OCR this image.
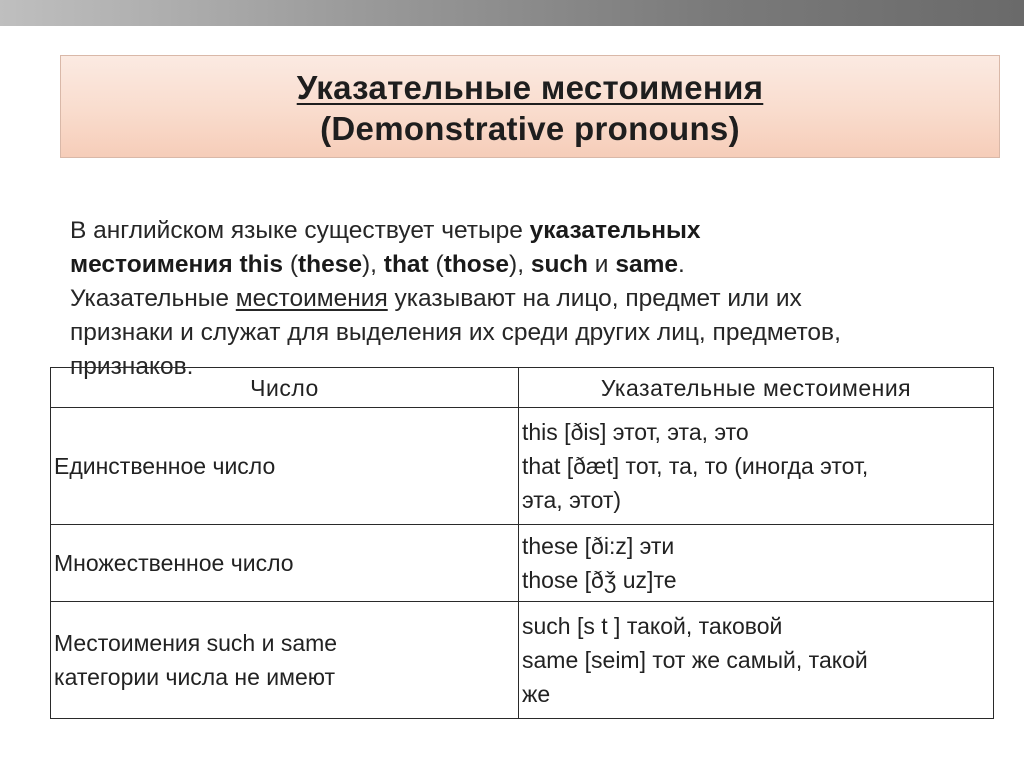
Указательные местоимения
(Demonstrative pronouns)
В английском языке существует четыре указательных
местоимения this (these), that (those), such и same.
Указательные местоимения указывают на лицо, предмет или их
признаки и служат для выделения их среди других лиц, предметов,
признаков.
Число	Указательные местоимения

Единственное число	this [ðis] этот, эта, это
that [ðæt] тот, та, то (иногда этот,
эта, этот)

Множественное число	these [ði:z] эти
those [ðǯ uz]те

Местоимения such и same
категории числа не имеют	such [s t ] такой, таковой
same [seim] тот же самый, такой
же
